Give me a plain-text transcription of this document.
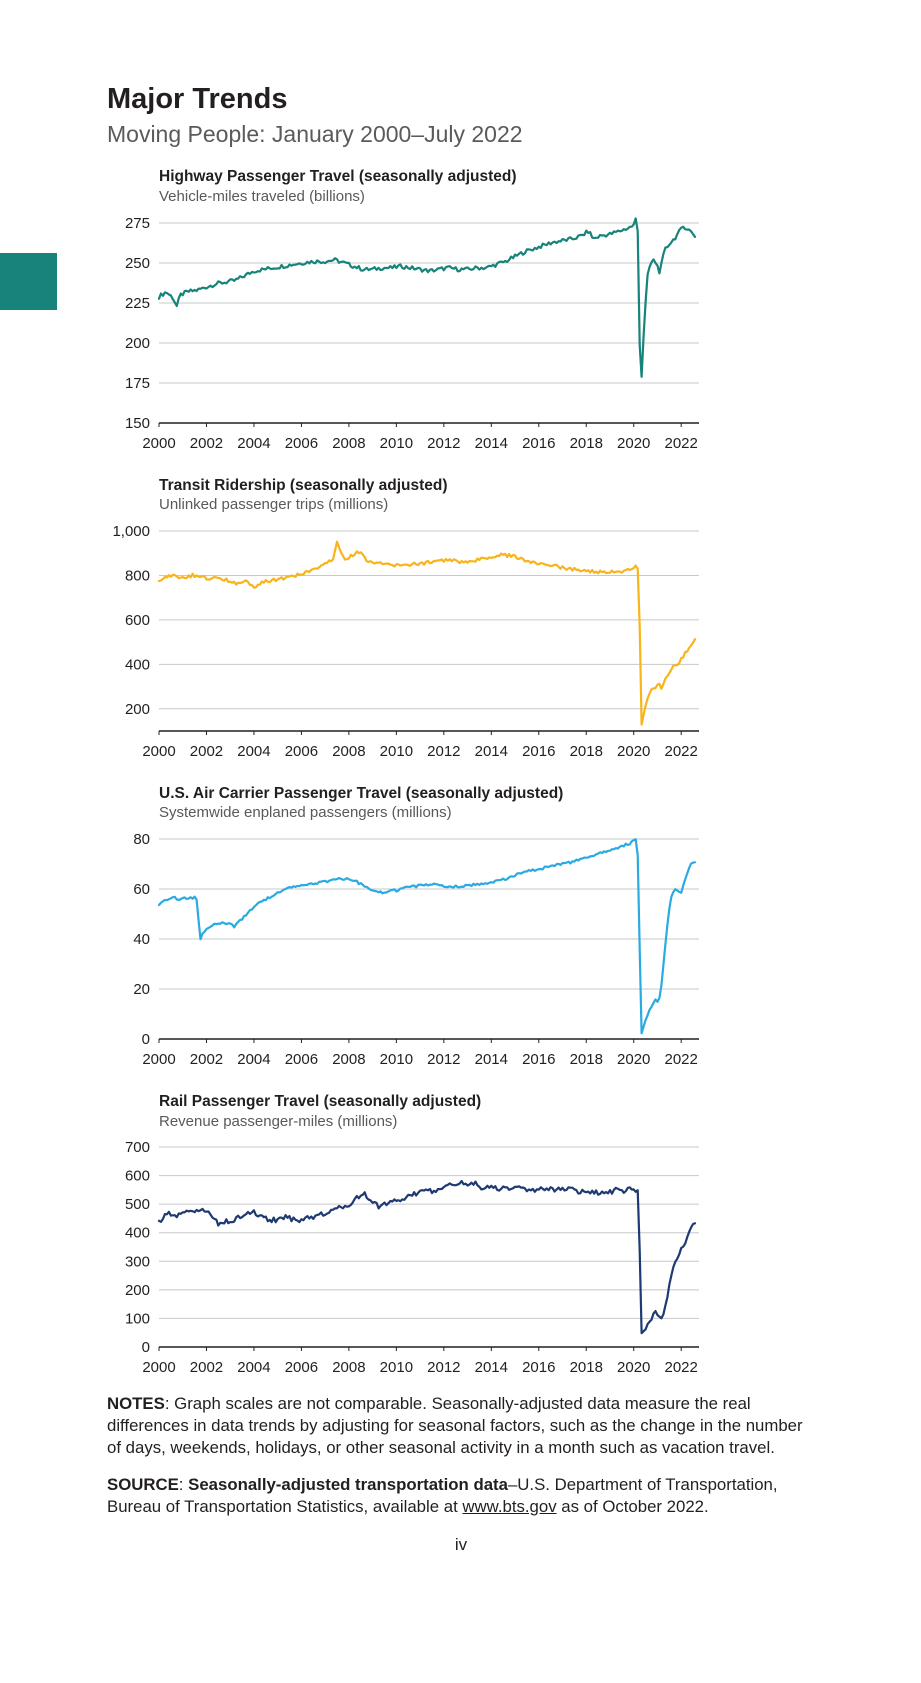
Major Trends
Moving People: January 2000–July 2022
Highway Passenger Travel (seasonally adjusted)
Vehicle-miles traveled (billions)
150
175
200
225
250
275
2000 2002 2004 2006 2008 2010 2012 2014 2016 2018 2020 2022
Transit Ridership (seasonally adjusted)
Unlinked passenger trips (millions)
200
400
600
800
1,000
2000 2002 2004 2006 2008 2010 2012 2014 2016 2018 2020 2022
U.S. Air Carrier Passenger Travel (seasonally adjusted)
Systemwide enplaned passengers (millions)
0
20
40
60
80
2000 2002 2004 2006 2008 2010 2012 2014 2016 2018 2020 2022
Rail Passenger Travel (seasonally adjusted)
Revenue passenger-miles (millions)
0
100
200
300
400
500
600
700
2000 2002 2004 2006 2008 2010 2012 2014 2016 2018 2020 2022

NOTES: Graph scales are not comparable. Seasonally-adjusted data measure the real differences in data trends by adjusting for seasonal factors, such as the change in the number of days, weekends, holidays, or other seasonal activity in a month such as vacation travel.

SOURCE: Seasonally-adjusted transportation data–U.S. Department of Transportation, Bureau of Transportation Statistics, available at www.bts.gov as of October 2022.

iv
